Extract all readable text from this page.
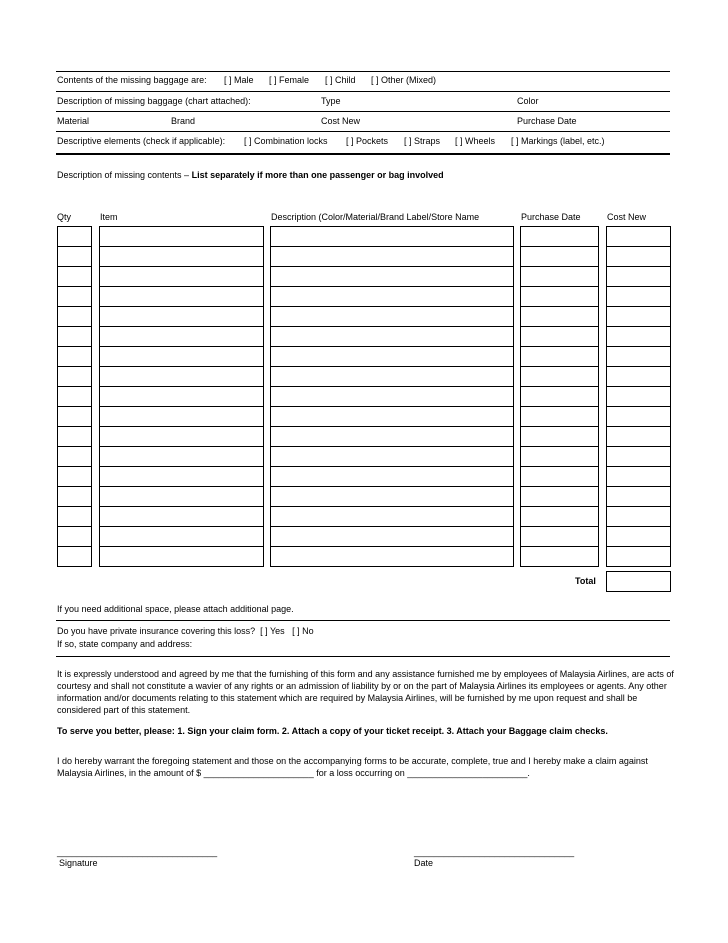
Contents of the missing baggage are: [ ] Male [ ] Female [ ] Child [ ] Other (Mixed)
Description of missing baggage (chart attached):	Type	Color
Material	Brand	Cost New	Purchase Date
Descriptive elements (check if applicable): [ ] Combination locks [ ] Pockets [ ] Straps [ ] Wheels [ ] Markings (label, etc.)
Description of missing contents – List separately if more than one passenger or bag involved
Qty	Item	Description (Color/Material/Brand Label/Store Name	Purchase Date	Cost New
Total
If you need additional space, please attach additional page.
Do you have private insurance covering this loss? [ ] Yes [ ] No
If so, state company and address:
It is expressly understood and agreed by me that the furnishing of this form and any assistance furnished me by employees of Malaysia Airlines, are acts of courtesy and shall not constitute a wavier of any rights or an admission of liability by or on the part of Malaysia Airlines its employees or agents. Any other information and/or documents relating to this statement which are required by Malaysia Airlines, will be furnished by me upon request and shall be considered part of this statement.
To serve you better, please: 1. Sign your claim form. 2. Attach a copy of your ticket receipt. 3. Attach your Baggage claim checks.
I do hereby warrant the foregoing statement and those on the accompanying forms to be accurate, complete, true and I hereby make a claim against Malaysia Airlines, in the amount of $ ______________________ for a loss occurring on ________________________.
________________________________
Signature
________________________________
Date
